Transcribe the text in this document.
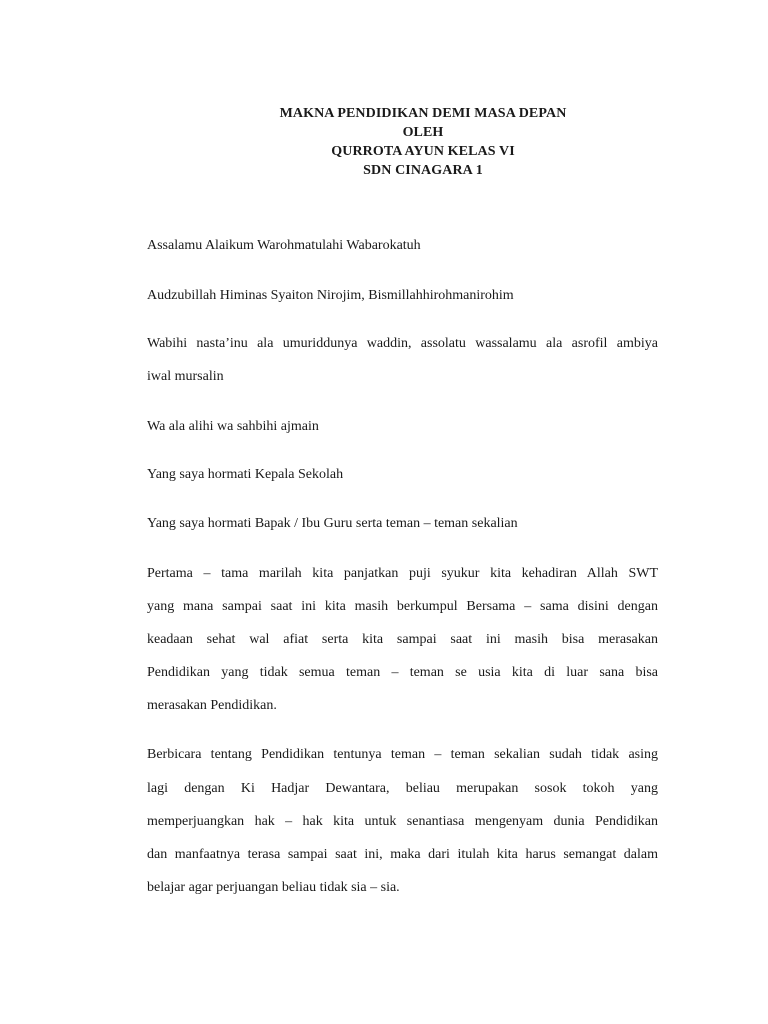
MAKNA PENDIDIKAN DEMI MASA DEPAN
OLEH
QURROTA AYUN KELAS VI
SDN CINAGARA 1
Assalamu Alaikum Warohmatulahi Wabarokatuh
Audzubillah Himinas Syaiton Nirojim, Bismillahhirohmanirohim
Wabihi nasta’inu ala umuriddunya waddin, assolatu wassalamu ala asrofil ambiya
iwal mursalin
Wa ala alihi wa sahbihi ajmain
Yang saya hormati Kepala Sekolah
Yang saya hormati Bapak / Ibu Guru serta teman – teman sekalian
Pertama – tama marilah kita panjatkan puji syukur kita kehadiran Allah SWT
yang mana sampai saat ini kita masih berkumpul Bersama – sama disini dengan
keadaan sehat wal afiat serta kita sampai saat ini masih bisa merasakan
Pendidikan yang tidak semua teman – teman se usia kita di luar sana bisa
merasakan Pendidikan.
Berbicara tentang Pendidikan tentunya teman – teman sekalian sudah tidak asing
lagi dengan Ki Hadjar Dewantara, beliau merupakan sosok tokoh yang
memperjuangkan hak – hak kita untuk senantiasa mengenyam dunia Pendidikan
dan manfaatnya terasa sampai saat ini, maka dari itulah kita harus semangat dalam
belajar agar perjuangan beliau tidak sia – sia.
